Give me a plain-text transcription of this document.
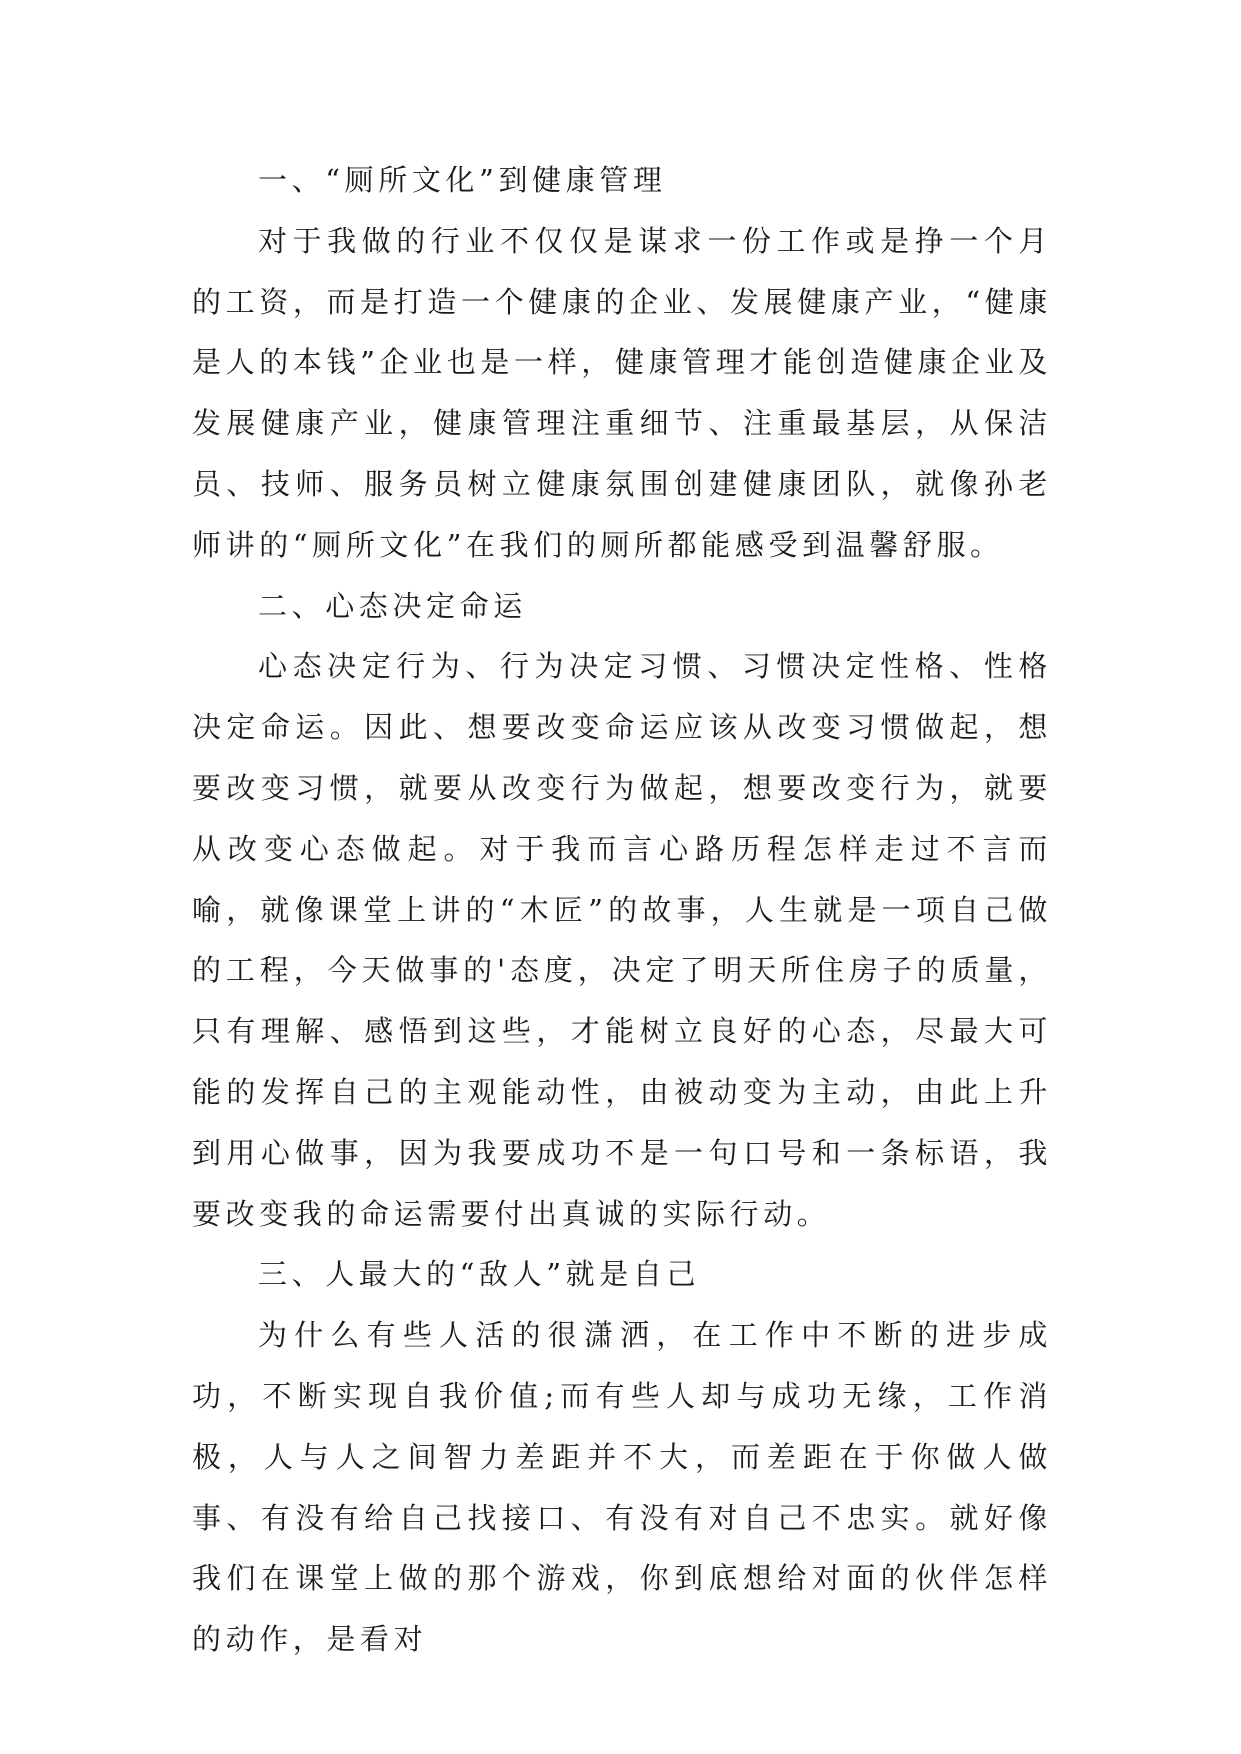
一、“厕所文化”到健康管理

对于我做的行业不仅仅是谋求一份工作或是挣一个月的工资，而是打造一个健康的企业、发展健康产业，“健康是人的本钱”企业也是一样，健康管理才能创造健康企业及发展健康产业，健康管理注重细节、注重最基层，从保洁员、技师、服务员树立健康氛围创建健康团队，就像孙老师讲的“厕所文化”在我们的厕所都能感受到温馨舒服。

二、心态决定命运

心态决定行为、行为决定习惯、习惯决定性格、性格决定命运。因此、想要改变命运应该从改变习惯做起，想要改变习惯，就要从改变行为做起，想要改变行为，就要从改变心态做起。对于我而言心路历程怎样走过不言而喻，就像课堂上讲的“木匠”的故事，人生就是一项自己做的工程，今天做事的'态度，决定了明天所住房子的质量，只有理解、感悟到这些，才能树立良好的心态，尽最大可能的发挥自己的主观能动性，由被动变为主动，由此上升到用心做事，因为我要成功不是一句口号和一条标语，我要改变我的命运需要付出真诚的实际行动。

三、人最大的“敌人”就是自己

为什么有些人活的很潇洒，在工作中不断的进步成功，不断实现自我价值;而有些人却与成功无缘，工作消极，人与人之间智力差距并不大，而差距在于你做人做事、有没有给自己找接口、有没有对自己不忠实。就好像我们在课堂上做的那个游戏，你到底想给对面的伙伴怎样的动作，是看对
